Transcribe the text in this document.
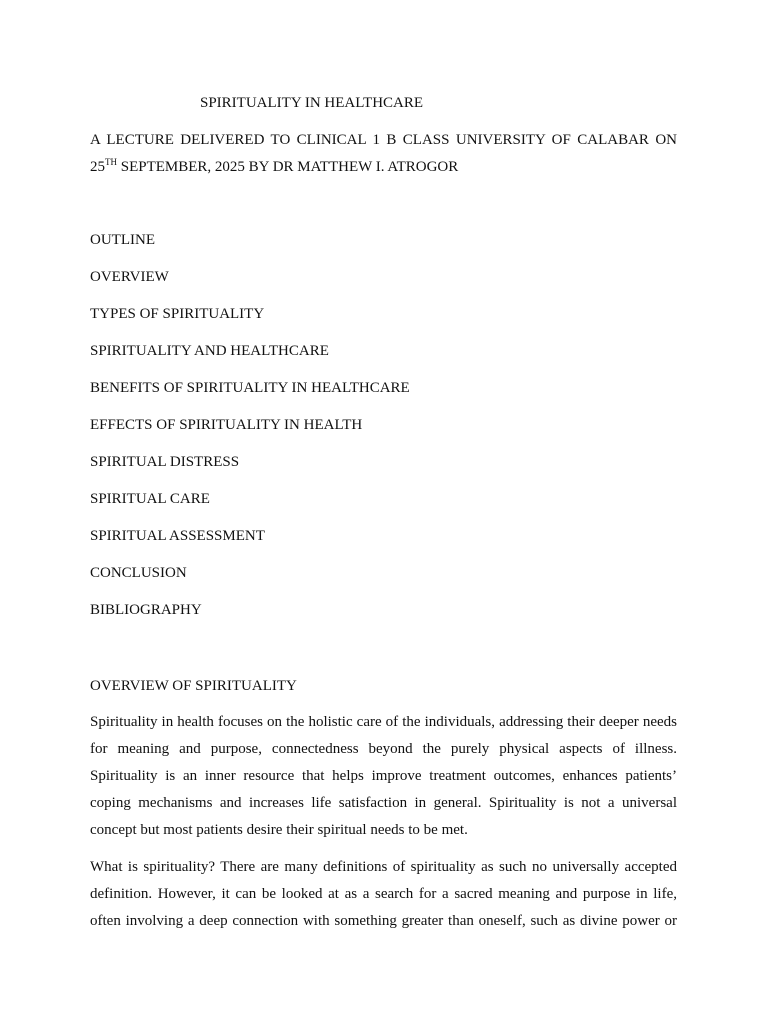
SPIRITUALITY IN HEALTHCARE
A LECTURE DELIVERED TO CLINICAL 1 B CLASS UNIVERSITY OF CALABAR ON
25TH SEPTEMBER, 2025 BY DR MATTHEW I. ATROGOR
OUTLINE
OVERVIEW
TYPES OF SPIRITUALITY
SPIRITUALITY AND HEALTHCARE
BENEFITS OF SPIRITUALITY IN HEALTHCARE
EFFECTS OF SPIRITUALITY IN HEALTH
SPIRITUAL DISTRESS
SPIRITUAL CARE
SPIRITUAL ASSESSMENT
CONCLUSION
BIBLIOGRAPHY
OVERVIEW OF SPIRITUALITY
Spirituality in health focuses on the holistic care of the individuals, addressing their deeper needs
for meaning and purpose, connectedness beyond the purely physical aspects of illness.
Spirituality is an inner resource that helps improve treatment outcomes, enhances patients’
coping mechanisms and increases life satisfaction in general. Spirituality is not a universal
concept but most patients desire their spiritual needs to be met.
What is spirituality? There are many definitions of spirituality as such no universally accepted
definition. However, it can be looked at as a search for a sacred meaning and purpose in life,
often involving a deep connection with something greater than oneself, such as divine power or
